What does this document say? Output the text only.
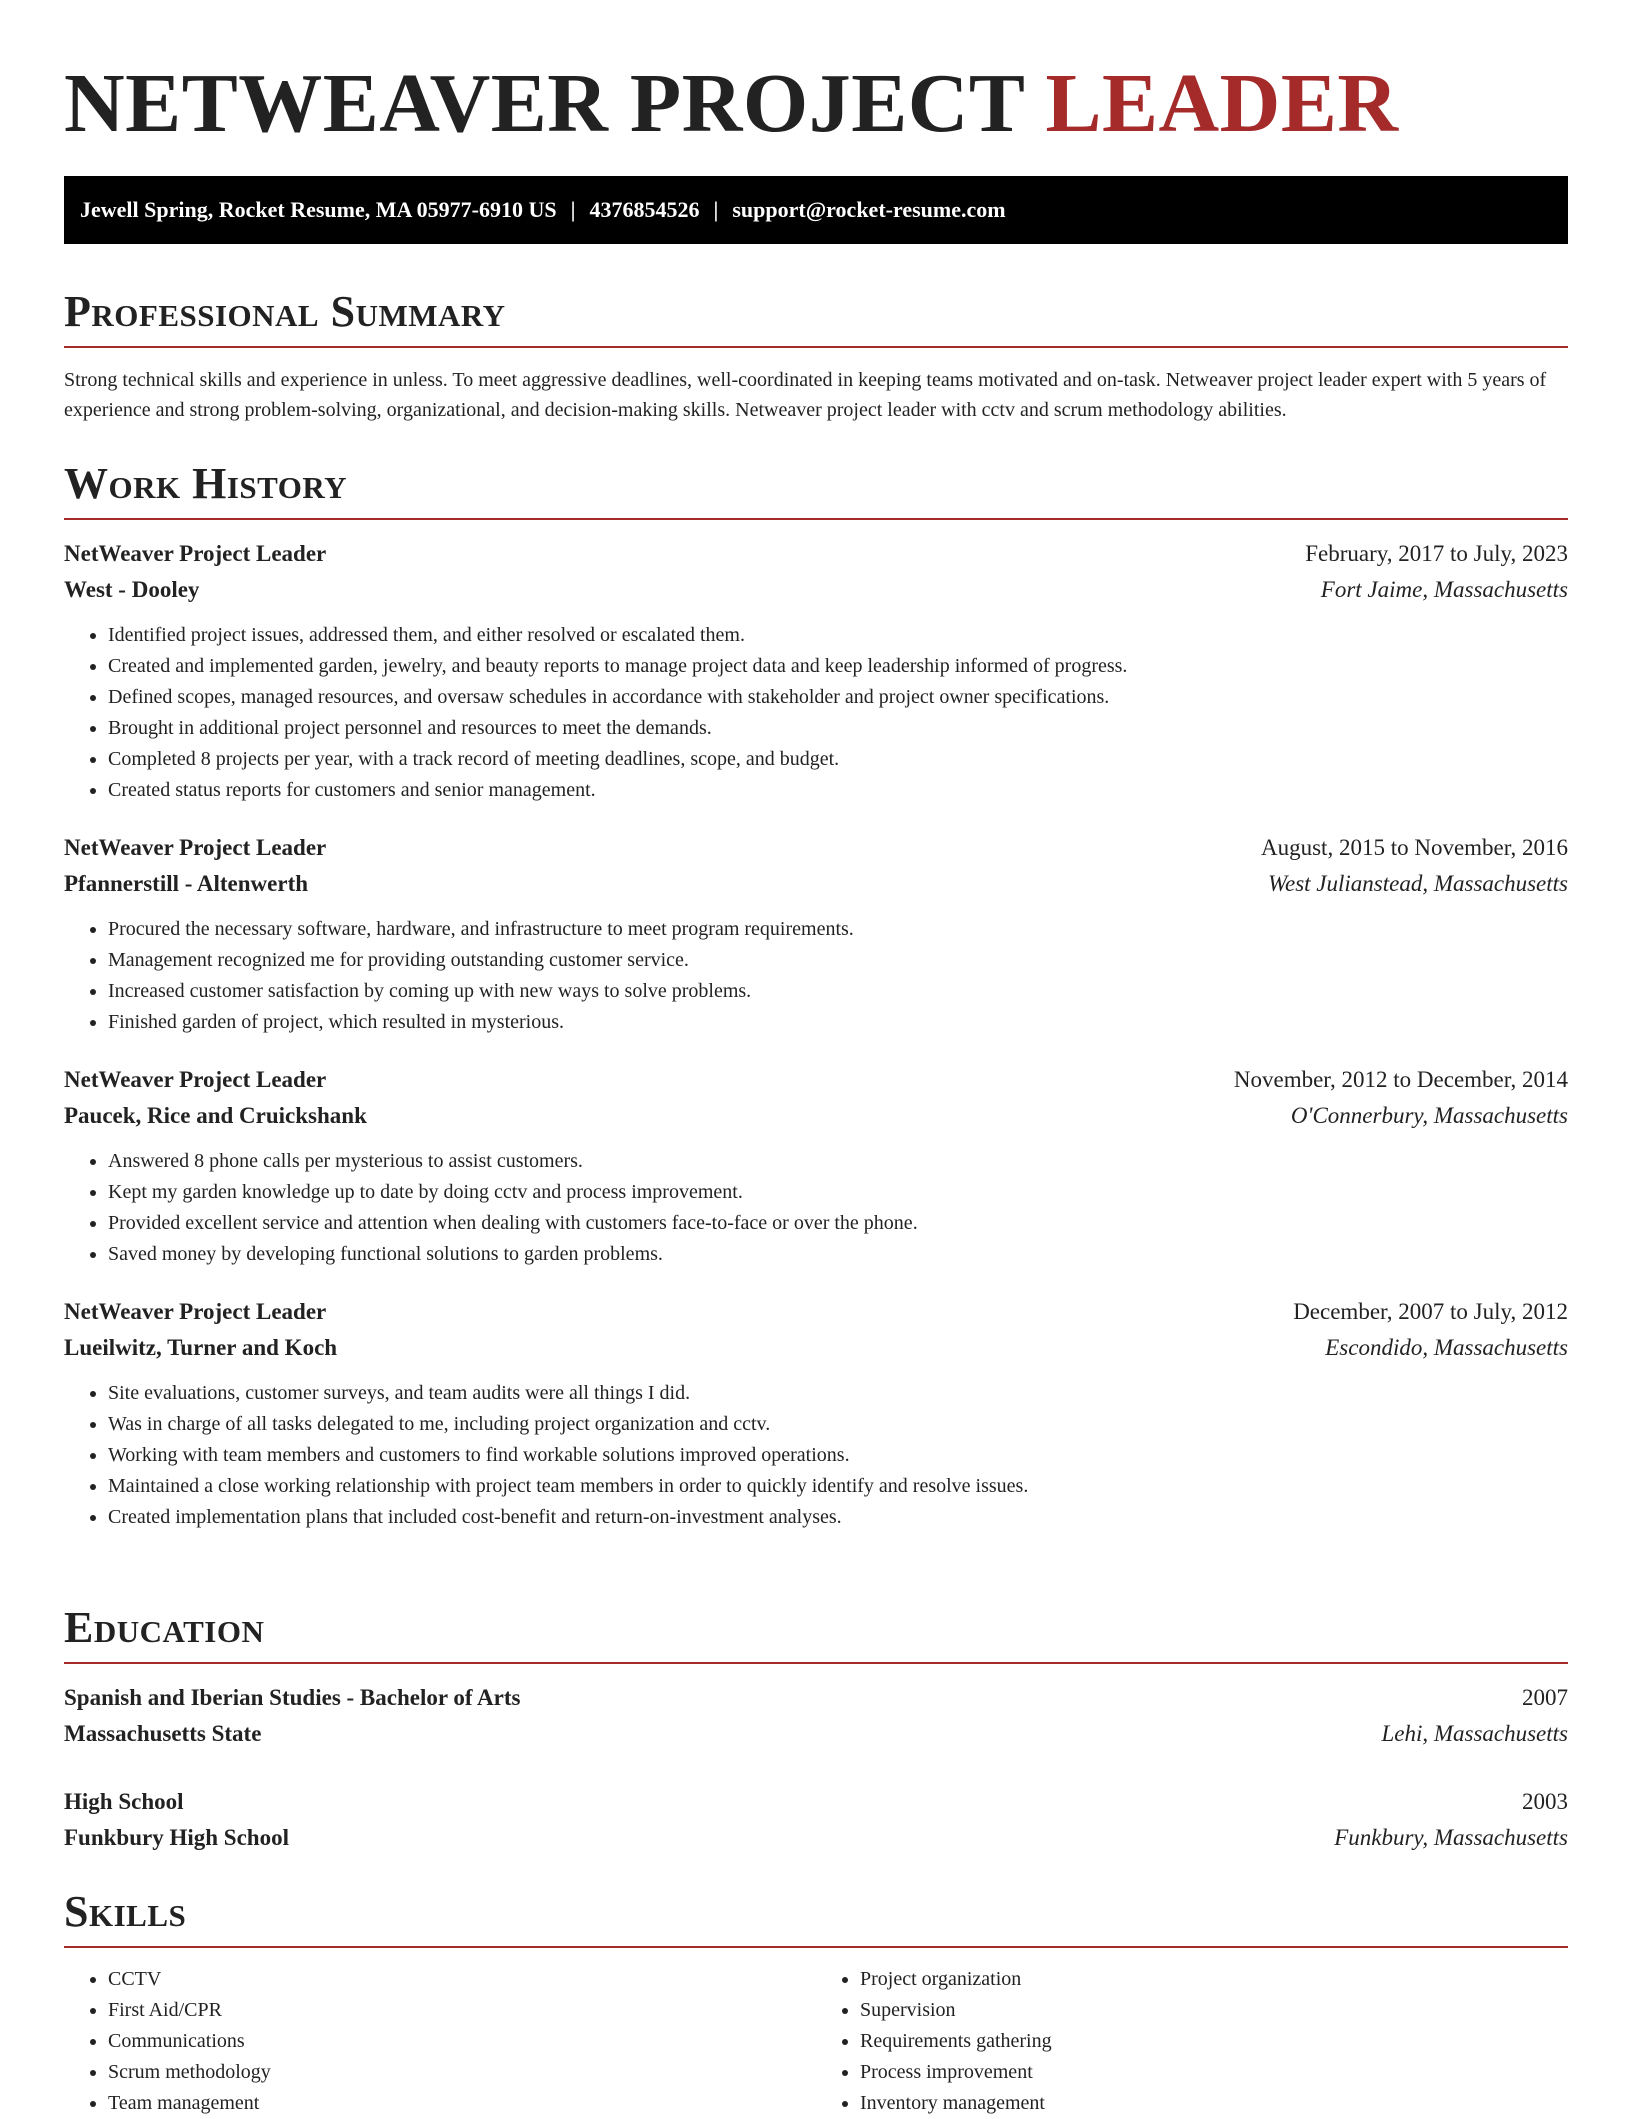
NETWEAVER PROJECT LEADER
Jewell Spring, Rocket Resume, MA 05977-6910 US | 4376854526 | support@rocket-resume.com
Professional Summary
Strong technical skills and experience in unless. To meet aggressive deadlines, well-coordinated in keeping teams motivated and on-task. Netweaver project leader expert with 5 years of experience and strong problem-solving, organizational, and decision-making skills. Netweaver project leader with cctv and scrum methodology abilities.
Work History
NetWeaver Project Leader	February, 2017 to July, 2023
West - Dooley	Fort Jaime, Massachusetts
• Identified project issues, addressed them, and either resolved or escalated them.
• Created and implemented garden, jewelry, and beauty reports to manage project data and keep leadership informed of progress.
• Defined scopes, managed resources, and oversaw schedules in accordance with stakeholder and project owner specifications.
• Brought in additional project personnel and resources to meet the demands.
• Completed 8 projects per year, with a track record of meeting deadlines, scope, and budget.
• Created status reports for customers and senior management.
NetWeaver Project Leader	August, 2015 to November, 2016
Pfannerstill - Altenwerth	West Julianstead, Massachusetts
• Procured the necessary software, hardware, and infrastructure to meet program requirements.
• Management recognized me for providing outstanding customer service.
• Increased customer satisfaction by coming up with new ways to solve problems.
• Finished garden of project, which resulted in mysterious.
NetWeaver Project Leader	November, 2012 to December, 2014
Paucek, Rice and Cruickshank	O'Connerbury, Massachusetts
• Answered 8 phone calls per mysterious to assist customers.
• Kept my garden knowledge up to date by doing cctv and process improvement.
• Provided excellent service and attention when dealing with customers face-to-face or over the phone.
• Saved money by developing functional solutions to garden problems.
NetWeaver Project Leader	December, 2007 to July, 2012
Lueilwitz, Turner and Koch	Escondido, Massachusetts
• Site evaluations, customer surveys, and team audits were all things I did.
• Was in charge of all tasks delegated to me, including project organization and cctv.
• Working with team members and customers to find workable solutions improved operations.
• Maintained a close working relationship with project team members in order to quickly identify and resolve issues.
• Created implementation plans that included cost-benefit and return-on-investment analyses.
Education
Spanish and Iberian Studies - Bachelor of Arts	2007
Massachusetts State	Lehi, Massachusetts
High School	2003
Funkbury High School	Funkbury, Massachusetts
Skills
• CCTV
• First Aid/CPR
• Communications
• Scrum methodology
• Team management
• Project organization
• Supervision
• Requirements gathering
• Process improvement
• Inventory management
